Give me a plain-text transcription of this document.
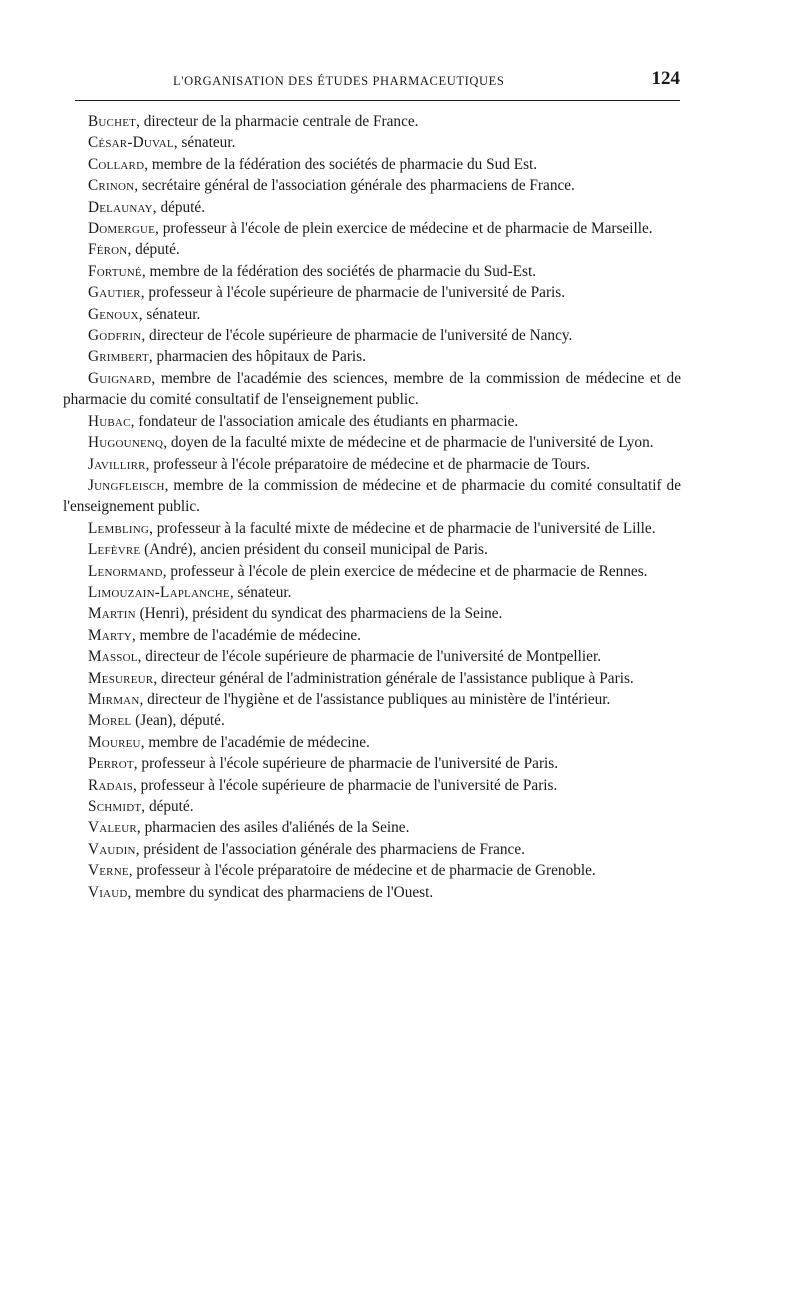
L'ORGANISATION DES ÉTUDES PHARMACEUTIQUES	124

Buchet, directeur de la pharmacie centrale de France.

César-Duval, sénateur.

Collard, membre de la fédération des sociétés de pharmacie du Sud Est.

Crinon, secrétaire général de l'association générale des pharmaciens de France.

Delaunay, député.

Domergue, professeur à l'école de plein exercice de médecine et de pharmacie de Marseille.

Féron, député.

Fortuné, membre de la fédération des sociétés de pharmacie du Sud-Est.

Gautier, professeur à l'école supérieure de pharmacie de l'université de Paris.

Genoux, sénateur.

Godfrin, directeur de l'école supérieure de pharmacie de l'université de Nancy.

Grimbert, pharmacien des hôpitaux de Paris.

Guignard, membre de l'académie des sciences, membre de la commission de médecine et de pharmacie du comité consultatif de l'enseignement public.

Hubac, fondateur de l'association amicale des étudiants en pharmacie.

Hugounenq, doyen de la faculté mixte de médecine et de pharmacie de l'université de Lyon.

Javillirr, professeur à l'école préparatoire de médecine et de pharmacie de Tours.

Jungfleisch, membre de la commission de médecine et de pharmacie du comité consultatif de l'enseignement public.

Lembling, professeur à la faculté mixte de médecine et de pharmacie de l'université de Lille.

Lefèvre (André), ancien président du conseil municipal de Paris.

Lenormand, professeur à l'école de plein exercice de médecine et de pharmacie de Rennes.

Limouzain-Laplanche, sénateur.

Martin (Henri), président du syndicat des pharmaciens de la Seine.

Marty, membre de l'académie de médecine.

Massol, directeur de l'école supérieure de pharmacie de l'université de Montpellier.

Mesureur, directeur général de l'administration générale de l'assistance publique à Paris.

Mirman, directeur de l'hygiène et de l'assistance publiques au ministère de l'intérieur.

Morel (Jean), député.

Moureu, membre de l'académie de médecine.

Perrot, professeur à l'école supérieure de pharmacie de l'université de Paris.

Radais, professeur à l'école supérieure de pharmacie de l'université de Paris.

Schmidt, député.

Valeur, pharmacien des asiles d'aliénés de la Seine.

Vaudin, président de l'association générale des pharmaciens de France.

Verne, professeur à l'école préparatoire de médecine et de pharmacie de Grenoble.

Viaud, membre du syndicat des pharmaciens de l'Ouest.
